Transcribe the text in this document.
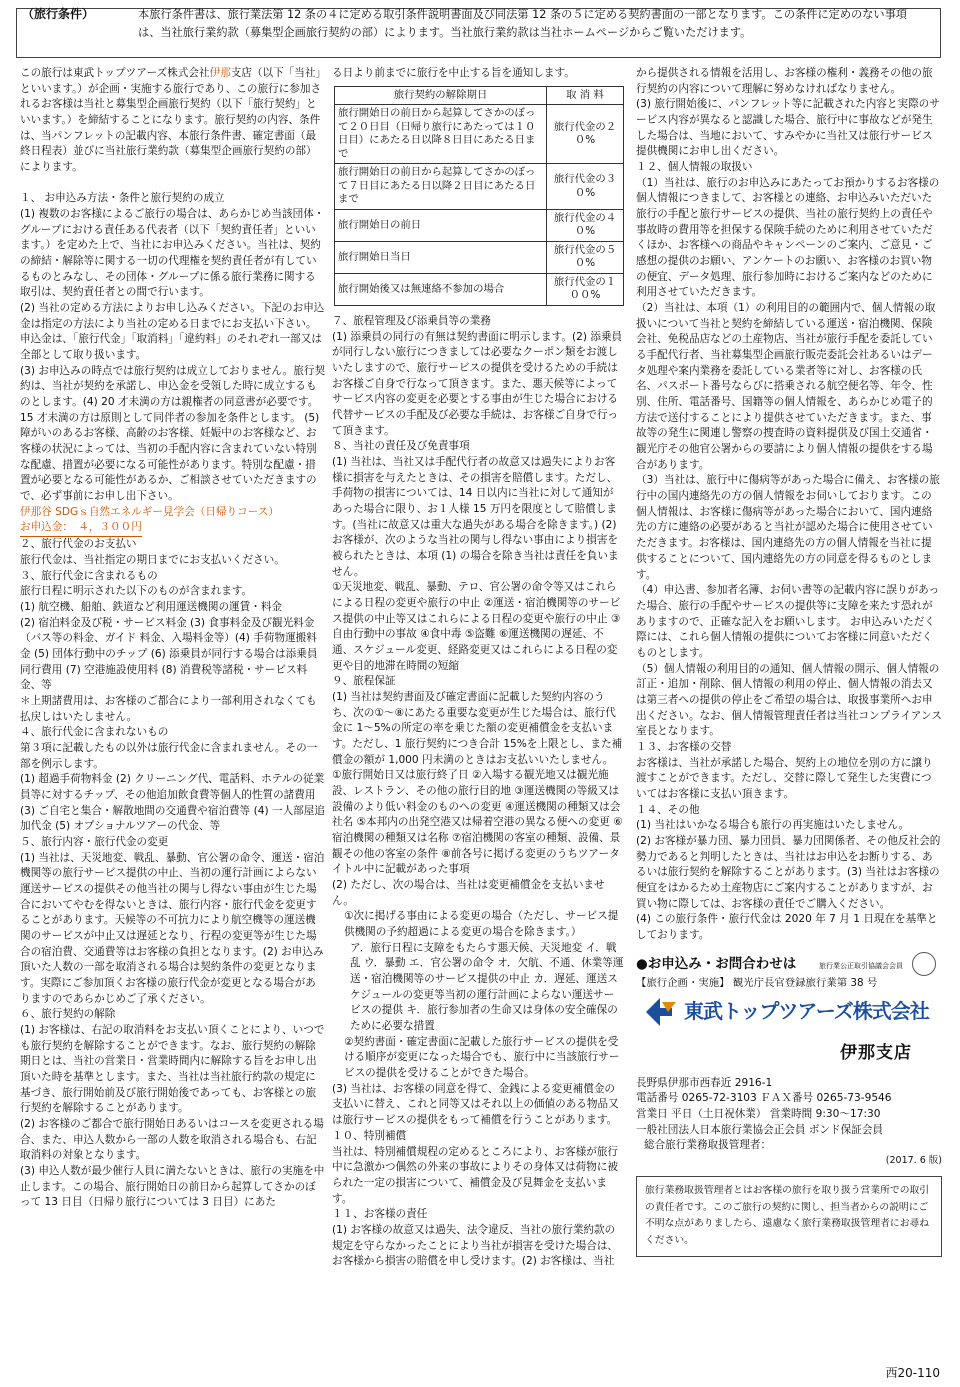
（旅行条件）	本旅行条件書は、旅行業法第 12 条の４に定める取引条件説明書面及び同法第 12 条の５に定める契約書面の一部となります。この条件に定めのない事項は、当社旅行業約款（募集型企画旅行契約の部）によります。当社旅行業約款は当社ホームページからご覧いただけます。

この旅行は東武トップツアーズ株式会社伊那支店（以下「当社」といいます。）が企画・実施する旅行であり、この旅行に参加されるお客様は当社と募集型企画旅行契約（以下「旅行契約」といいます。）を締結することになります。旅行契約の内容、条件は、当パンフレットの記載内容、本旅行条件書、確定書面（最終日程表）並びに当社旅行業約款（募集型企画旅行契約の部）によります。

１、 お申込み方法・条件と旅行契約の成立

(1) 複数のお客様によるご旅行の場合は、あらかじめ当該団体・グループにおける責任ある代表者（以下「契約責任者」といいます。）を定めた上で、当社にお申込みください。当社は、契約の締結・解除等に関する一切の代理権を契約責任者が有しているものとみなし、その団体・グループに係る旅行業務に関する取引は、契約責任者との間で行います。

(2) 当社の定める方法によりお申し込みください。下記のお申込金は指定の方法により当社の定める日までにお支払い下さい。申込金は、「旅行代金」「取消料」「違約料」のそれぞれ一部又は全部として取り扱います。

(3) お申込みの時点では旅行契約は成立しておりません。旅行契約は、当社が契約を承諾し、申込金を受領した時に成立するものとします。(4) 20 才未満の方は親権者の同意書が必要です。15 才未満の方は原則として同伴者の参加を条件とします。 (5) 障がいのあるお客様、高齢のお客様、妊娠中のお客様など、お客様の状況によっては、当初の手配内容に含まれていない特別な配慮、措置が必要になる可能性があります。特別な配慮・措置が必要となる可能性があるか、ご相談させていただきますので、必ず事前にお申し出下さい。

伊那谷 SDGｓ自然エネルギー見学会（日帰りコース）

お申込金：　４，３００円

２、旅行代金のお支払い

旅行代金は、当社指定の期日までにお支払いください。

３、旅行代金に含まれるもの

旅行日程に明示された以下のものが含まれます。
(1) 航空機、船舶、鉄道など利用運送機関の運賃・料金
(2) 宿泊料金及び税・サービス料金 (3) 食事料金及び観光料金（バス等の料金、ガイド 料金、入場料金等）(4) 手荷物運搬料金 (5) 団体行動中のチップ (6) 添乗員が同行する場合は添乗員同行費用 (7) 空港施設使用料 (8) 消費税等諸税・サービス料金、等
＊上期諸費用は、お客様のご都合により一部利用されなくても払戻しはいたしません。

４、旅行代金に含まれないもの

第３項に記載したもの以外は旅行代金に含まれません。その一部を例示します。
(1) 超過手荷物料金 (2) クリーニング代、電話料、ホテルの従業員等に対するチップ、その他追加飲食費等個人的性質の諸費用 (3) ご自宅と集合・解散地間の交通費や宿泊費等 (4) 一人部屋追加代金 (5) オプショナルツアーの代金、等

５、旅行内容・旅行代金の変更

(1) 当社は、天災地変、戦乱、暴動、官公署の命令、運送・宿泊機関等の旅行サービス提供の中止、当初の運行計画によらない運送サービスの提供その他当社の関与し得ない事由が生じた場合においてやむを得ないときは、旅行内容・旅行代金を変更することがあります。天候等の不可抗力により航空機等の運送機関のサービスが中止又は遅延となり、行程の変更等が生じた場合の宿泊費、交通費等はお客様の負担となります。(2) お申込み頂いた人数の一部を取消される場合は契約条件の変更となります。実際にご参加頂くお客様の旅行代金が変更となる場合がありますのであらかじめご了承ください。

６、旅行契約の解除

(1) お客様は、右記の取消料をお支払い頂くことにより、いつでも旅行契約を解除することができます。なお、旅行契約の解除期日とは、当社の営業日・営業時間内に解除する旨をお申し出頂いた時を基準とします。また、当社は当社旅行約款の規定に基づき、旅行開始前及び旅行開始後であっても、お客様との旅行契約を解除することがあります。
(2) お客様のご都合で旅行開始日あるいはコースを変更される場合、また、申込人数から一部の人数を取消される場合も、右記取消料の対象となります。
(3) 申込人数が最少催行人員に満たないときは、旅行の実施を中止します。この場合、旅行開始日の前日から起算してさかのぼって 13 日目（日帰り旅行については 3 日目）にあた

る日より前までに旅行を中止する旨を通知します。

旅行契約の解除期日	取 消 料
旅行開始日の前日から起算してさかのぼって２０日目（日帰り旅行にあたっては１０日目）にあたる日以降８日目にあたる日まで	旅行代金の２０%
旅行開始日の前日から起算してさかのぼって７日目にあたる日以降２日目にあたる日まで	旅行代金の３０%
旅行開始日の前日	旅行代金の４０%
旅行開始日当日	旅行代金の５０%
旅行開始後又は無連絡不参加の場合	旅行代金の１００%

７、旅程管理及び添乗員等の業務

(1) 添乗員の同行の有無は契約書面に明示します。(2) 添乗員が同行しない旅行につきましては必要なクーポン類をお渡しいたしますので、旅行サービスの提供を受けるための手続はお客様ご自身で行なって頂きます。また、悪天候等によってサービス内容の変更を必要とする事由が生じた場合における代替サービスの手配及び必要な手続は、お客様ご自身で行って頂きます。

８、当社の責任及び免責事項

(1) 当社は、当社又は手配代行者の故意又は過失によりお客様に損害を与えたときは、その損害を賠償します。ただし、手荷物の損害については、14 日以内に当社に対して通知があった場合に限り、お１人様 15 万円を限度として賠償します。(当社に故意又は重大な過失がある場合を除きます。) (2) お客様が、次のような当社の関与し得ない事由により損害を被られたときは、本項 (1) の場合を除き当社は責任を負いません。
①天災地変、戦乱、暴動、テロ、官公署の命令等又はこれらによる日程の変更や旅行の中止 ②運送・宿泊機関等のサービス提供の中止等又はこれらによる日程の変更や旅行の中止 ③自由行動中の事故 ④食中毒 ⑤盗難 ⑥運送機関の遅延、不通、スケジュール変更、経路変更又はこれらによる日程の変更や目的地滞在時間の短縮

９、旅程保証

(1) 当社は契約書面及び確定書面に記載した契約内容のうち、次の①〜⑧にあたる重要な変更が生じた場合は、旅行代金に 1〜5%の所定の率を乗じた額の変更補償金を支払います。ただし、1 旅行契約につき合計 15%を上限とし、また補償金の額が 1,000 円未満のときはお支払いいたしません。
①旅行開始日又は旅行終了日 ②入場する観光地又は観光施設、レストラン、その他の旅行目的地 ③運送機関の等級又は設備のより低い料金のものへの変更 ④運送機関の種類又は会社名 ⑤本邦内の出発空港又は帰着空港の異なる便への変更 ⑥宿泊機関の種類又は名称 ⑦宿泊機関の客室の種類、設備、景観その他の客室の条件 ⑧前各号に掲げる変更のうちツアータイトル中に記載があった事項
(2) ただし、次の場合は、当社は変更補償金を支払いません。

①次に掲げる事由による変更の場合（ただし、サービス提供機関の予約超過による変更の場合を除きます。）

ア．旅行日程に支障をもたらす悪天候、天災地変 イ．戦乱 ウ．暴動 エ．官公署の命令 オ．欠航、不通、休業等運送・宿泊機関等のサービス提供の中止 カ．遅延、運送スケジュールの変更等当初の運行計画によらない運送サービスの提供 キ．旅行参加者の生命又は身体の安全確保のために必要な措置

②契約書面・確定書面に記載した旅行サービスの提供を受ける順序が変更になった場合でも、旅行中に当該旅行サービスの提供を受けることができた場合。

(3) 当社は、お客様の同意を得て、金銭による変更補償金の支払いに替え、これと同等又はそれ以上の価値のある物品又は旅行サービスの提供をもって補償を行うことがあります。

１０、特別補償

当社は、特別補償規程の定めるところにより、お客様が旅行中に急激かつ偶然の外来の事故によりその身体又は荷物に被られた一定の損害について、補償金及び見舞金を支払います。

１１、お客様の責任

(1) お客様の故意又は過失、法令違反、当社の旅行業約款の規定を守らなかったことにより当社が損害を受けた場合は、お客様から損害の賠償を申し受けます。(2) お客様は、当社

から提供される情報を活用し、お客様の権利・義務その他の旅行契約の内容について理解に努めなければなりません。
(3) 旅行開始後に、パンフレット等に記載された内容と実際のサービス内容が異なると認識した場合、旅行中に事故などが発生した場合は、当地において、すみやかに当社又は旅行サービス提供機関にお申し出ください。

１２、個人情報の取扱い

（1）当社は、旅行のお申込みにあたってお預かりするお客様の個人情報につきまして、お客様との連絡、お申込みいただいた旅行の手配と旅行サービスの提供、当社の旅行契約上の責任や事故時の費用等を担保する保険手続のために利用させていただくほか、お客様への商品やキャンペーンのご案内、ご意見・ご感想の提供のお願い、アンケートのお願い、お客様のお買い物の便宜、データ処理、旅行参加時におけるご案内などのために利用させていただきます。
（2）当社は、本項（1）の利用目的の範囲内で、個人情報の取扱いについて当社と契約を締結している運送・宿泊機関、保険会社、免税品店などの土産物店、当社が旅行手配を委託している手配代行者、当社募集型企画旅行販売委託会社あるいはデータ処理や案内業務を委託している業者等に対し、お客様の氏名、パスポート番号ならびに搭乗される航空便名等、年令、性別、住所、電話番号、国籍等の個人情報を、あらかじめ電子的方法で送付することにより提供させていただきます。また、事故等の発生に関連し警察の捜査時の資料提供及び国土交通省・観光庁その他官公署からの要請により個人情報の提供をする場合があります。
（3）当社は、旅行中に傷病等があった場合に備え、お客様の旅行中の国内連絡先の方の個人情報をお伺いしております。この個人情報は、お客様に傷病等があった場合において、国内連絡先の方に連絡の必要があると当社が認めた場合に使用させていただきます。お客様は、国内連絡先の方の個人情報を当社に提供することについて、国内連絡先の方の同意を得るものとします。
（4）申込書、参加者名簿、お伺い書等の記載内容に誤りがあった場合、旅行の手配やサービスの提供等に支障を来たす恐れがありますので、正確な記入をお願いします。 お申込みいただく際には、これら個人情報の提供についてお客様に同意いただくものとします。
（5）個人情報の利用目的の通知、個人情報の開示、個人情報の訂正・追加・削除、個人情報の利用の停止、個人情報の消去又は第三者への提供の停止をご希望の場合は、取扱事業所へお申出ください。なお、個人情報管理責任者は当社コンプライアンス室長となります。

１３、お客様の交替

お客様は、当社が承諾した場合、契約上の地位を別の方に譲り渡すことができます。ただし、交替に際して発生した実費についてはお客様に支払い頂きます。

１４、その他

(1) 当社はいかなる場合も旅行の再実施はいたしません。
(2) お客様が暴力団、暴力団員、暴力団関係者、その他反社会的勢力であると判明したときは、当社はお申込をお断りする、あるいは旅行契約を解除することがあります。(3) 当社はお客様の便宜をはかるため土産物店にご案内することがありますが、お買い物に際しては、お客様の責任でご購入ください。
(4) この旅行条件・旅行代金は 2020 年 7 月 1 日現在を基準としております。

●お申込み・お問合わせは	旅行業公正取引協議会会員

【旅行企画・実施】 観光庁長官登録旅行業第 38 号

東武トップツアーズ株式会社
伊那支店

長野県伊那市西春近 2916-1

電話番号 0265-72-3103 ＦＡＸ番号 0265-73-9546

営業日 平日（土日祝休業） 営業時間 9:30〜17:30

一般社団法人日本旅行業協会正会員 ボンド保証会員

総合旅行業務取扱管理者：

(2017. 6 版)

旅行業務取扱管理者とはお客様の旅行を取り扱う営業所での取引の責任者です。このご旅行の契約に関し、担当者からの説明にご不明な点がありましたら、遠慮なく旅行業務取扱管理者にお尋ねください。
西20-110
